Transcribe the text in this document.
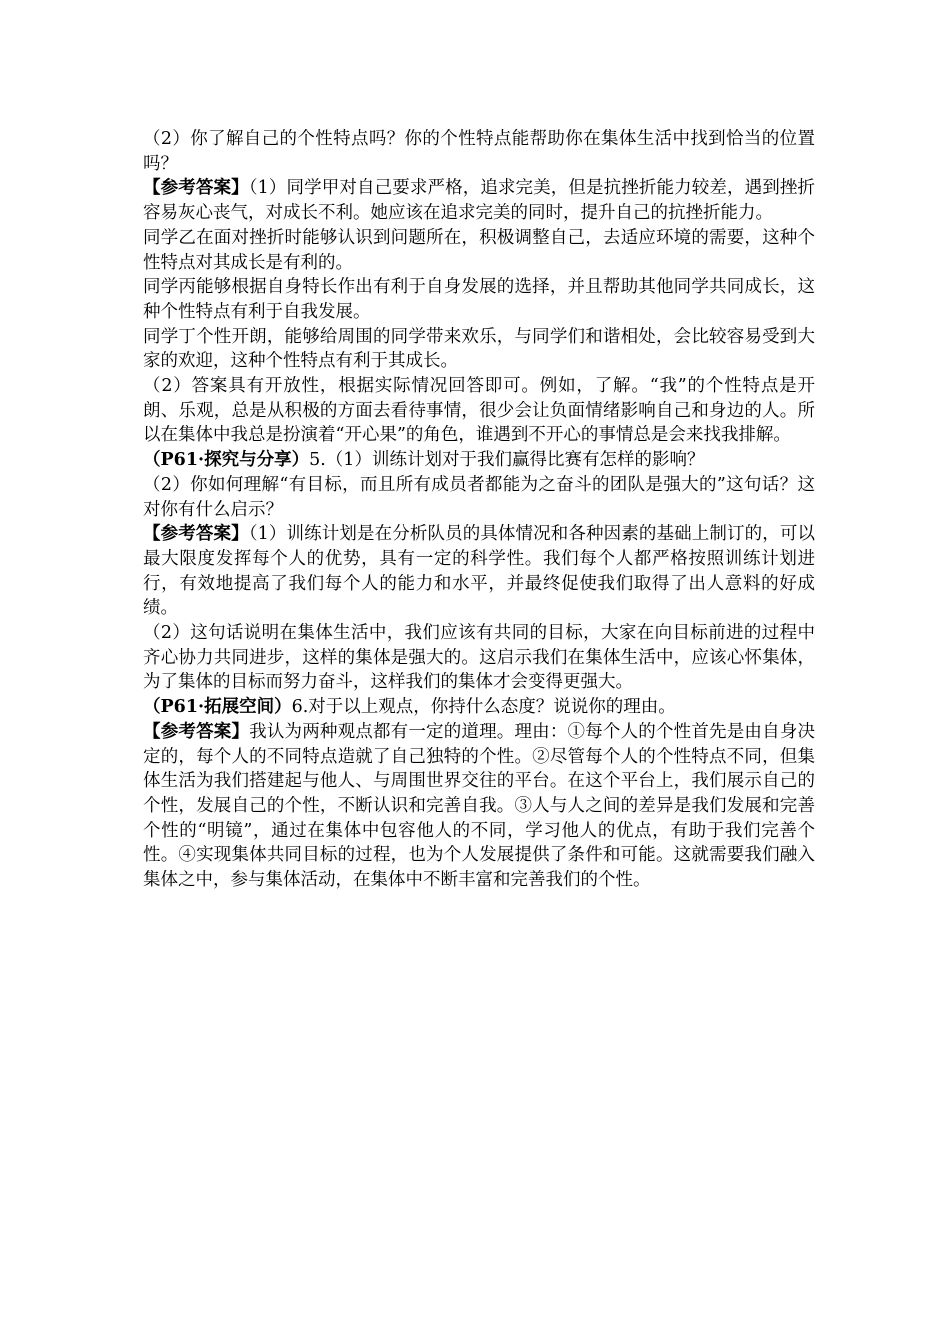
（2）你了解自己的个性特点吗？你的个性特点能帮助你在集体生活中找到恰当的位置吗？

【参考答案】（1）同学甲对自己要求严格，追求完美，但是抗挫折能力较差，遇到挫折容易灰心丧气，对成长不利。她应该在追求完美的同时，提升自己的抗挫折能力。

同学乙在面对挫折时能够认识到问题所在，积极调整自己，去适应环境的需要，这种个性特点对其成长是有利的。

同学丙能够根据自身特长作出有利于自身发展的选择，并且帮助其他同学共同成长，这种个性特点有利于自我发展。

同学丁个性开朗，能够给周围的同学带来欢乐，与同学们和谐相处，会比较容易受到大家的欢迎，这种个性特点有利于其成长。

（2）答案具有开放性，根据实际情况回答即可。例如，了解。“我”的个性特点是开朗、乐观，总是从积极的方面去看待事情，很少会让负面情绪影响自己和身边的人。所以在集体中我总是扮演着“开心果”的角色，谁遇到不开心的事情总是会来找我排解。

（P61·探究与分享）5.（1）训练计划对于我们赢得比赛有怎样的影响？

（2）你如何理解“有目标，而且所有成员者都能为之奋斗的团队是强大的”这句话？这对你有什么启示？

【参考答案】（1）训练计划是在分析队员的具体情况和各种因素的基础上制订的，可以最大限度发挥每个人的优势，具有一定的科学性。我们每个人都严格按照训练计划进行，有效地提高了我们每个人的能力和水平，并最终促使我们取得了出人意料的好成绩。

（2）这句话说明在集体生活中，我们应该有共同的目标，大家在向目标前进的过程中齐心协力共同进步，这样的集体是强大的。这启示我们在集体生活中，应该心怀集体，为了集体的目标而努力奋斗，这样我们的集体才会变得更强大。

（P61·拓展空间）6.对于以上观点，你持什么态度？说说你的理由。

【参考答案】我认为两种观点都有一定的道理。理由：①每个人的个性首先是由自身决定的，每个人的不同特点造就了自己独特的个性。②尽管每个人的个性特点不同，但集体生活为我们搭建起与他人、与周围世界交往的平台。在这个平台上，我们展示自己的个性，发展自己的个性，不断认识和完善自我。③人与人之间的差异是我们发展和完善个性的“明镜”，通过在集体中包容他人的不同，学习他人的优点，有助于我们完善个性。④实现集体共同目标的过程，也为个人发展提供了条件和可能。这就需要我们融入集体之中，参与集体活动，在集体中不断丰富和完善我们的个性。
